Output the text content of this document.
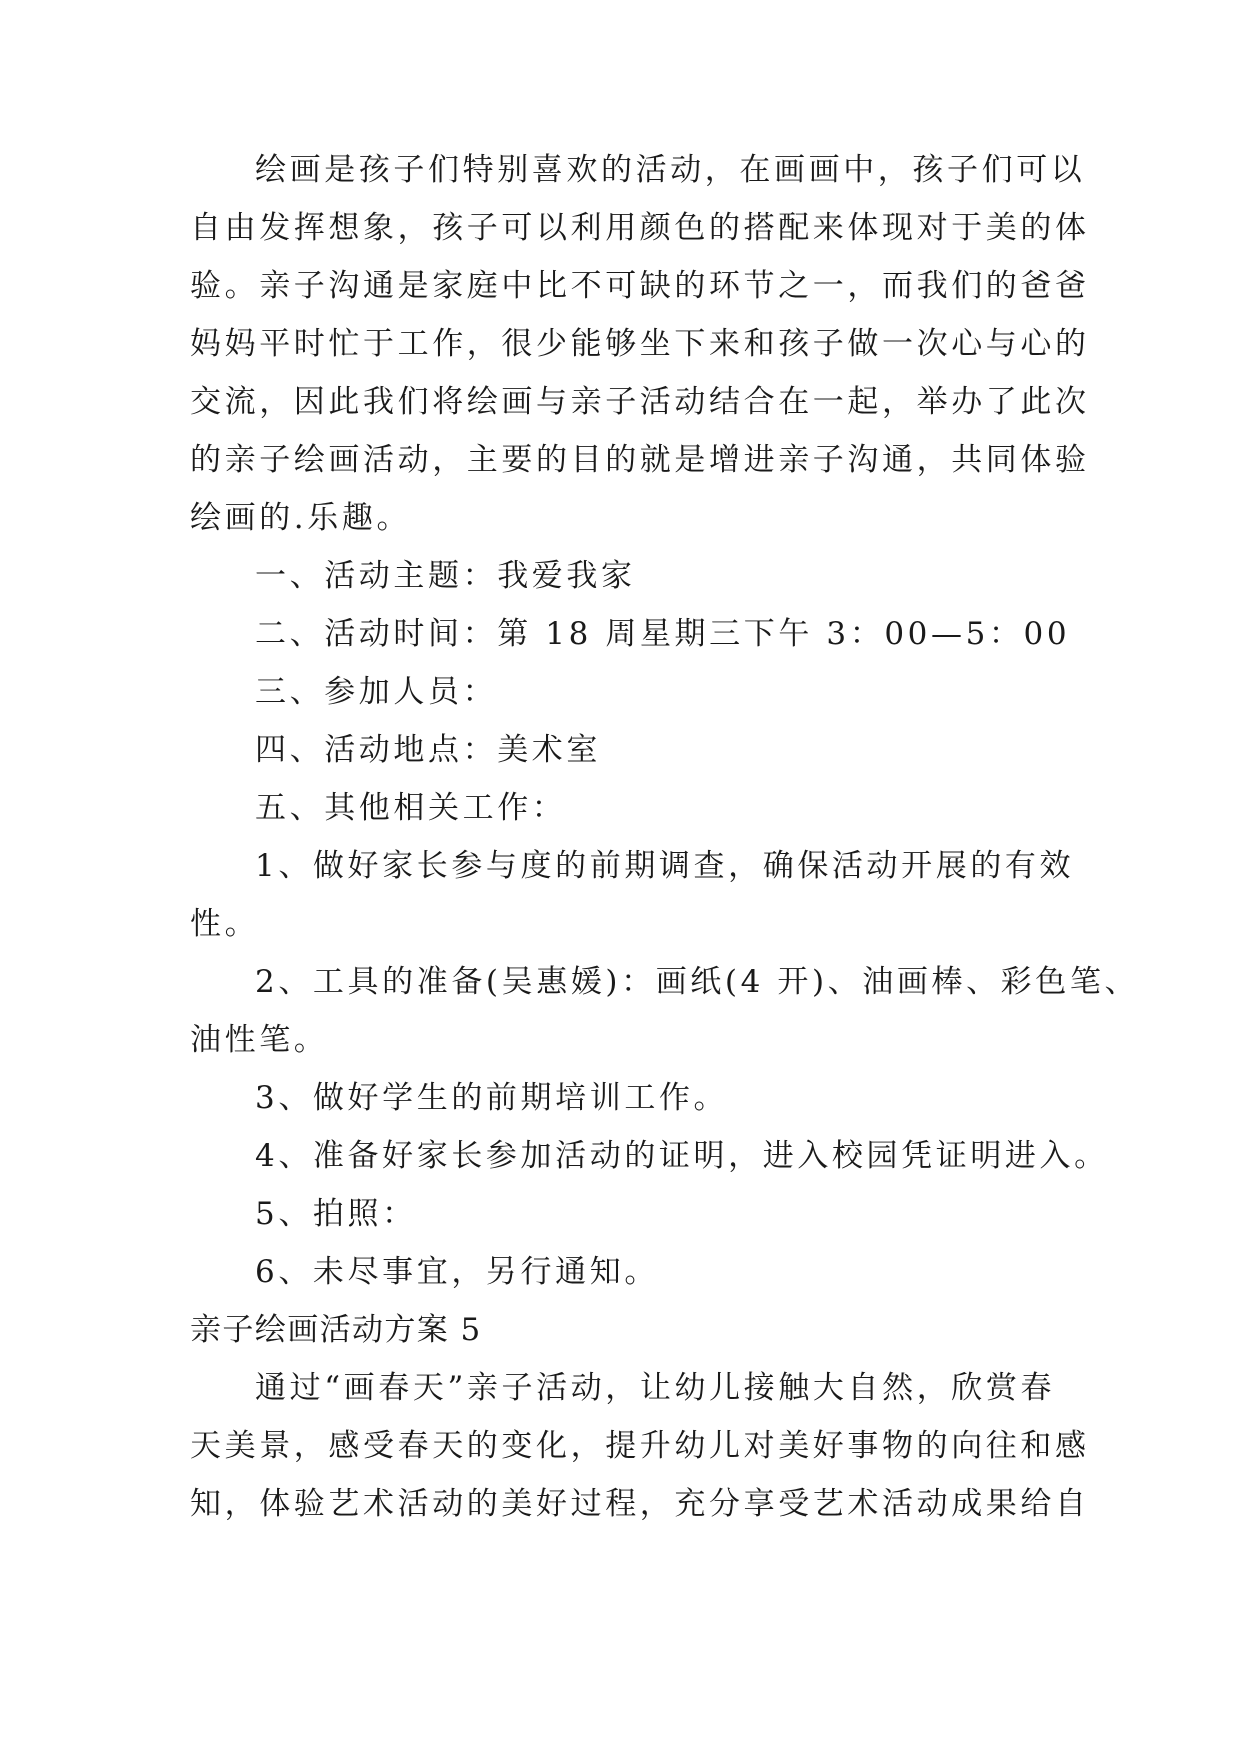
绘画是孩子们特别喜欢的活动，在画画中，孩子们可以
自由发挥想象，孩子可以利用颜色的搭配来体现对于美的体
验。亲子沟通是家庭中比不可缺的环节之一，而我们的爸爸
妈妈平时忙于工作，很少能够坐下来和孩子做一次心与心的
交流，因此我们将绘画与亲子活动结合在一起，举办了此次
的亲子绘画活动，主要的目的就是增进亲子沟通，共同体验
绘画的.乐趣。
一、活动主题：我爱我家
二、活动时间：第 18 周星期三下午 3：00—5：00
三、参加人员：
四、活动地点：美术室
五、其他相关工作：
1、做好家长参与度的前期调查，确保活动开展的有效
性。
2、工具的准备(吴惠媛)：画纸(4 开)、油画棒、彩色笔、
油性笔。
3、做好学生的前期培训工作。
4、准备好家长参加活动的证明，进入校园凭证明进入。
5、拍照：
6、未尽事宜，另行通知。
亲子绘画活动方案 5
通过“画春天”亲子活动，让幼儿接触大自然，欣赏春
天美景，感受春天的变化，提升幼儿对美好事物的向往和感
知，体验艺术活动的美好过程，充分享受艺术活动成果给自
